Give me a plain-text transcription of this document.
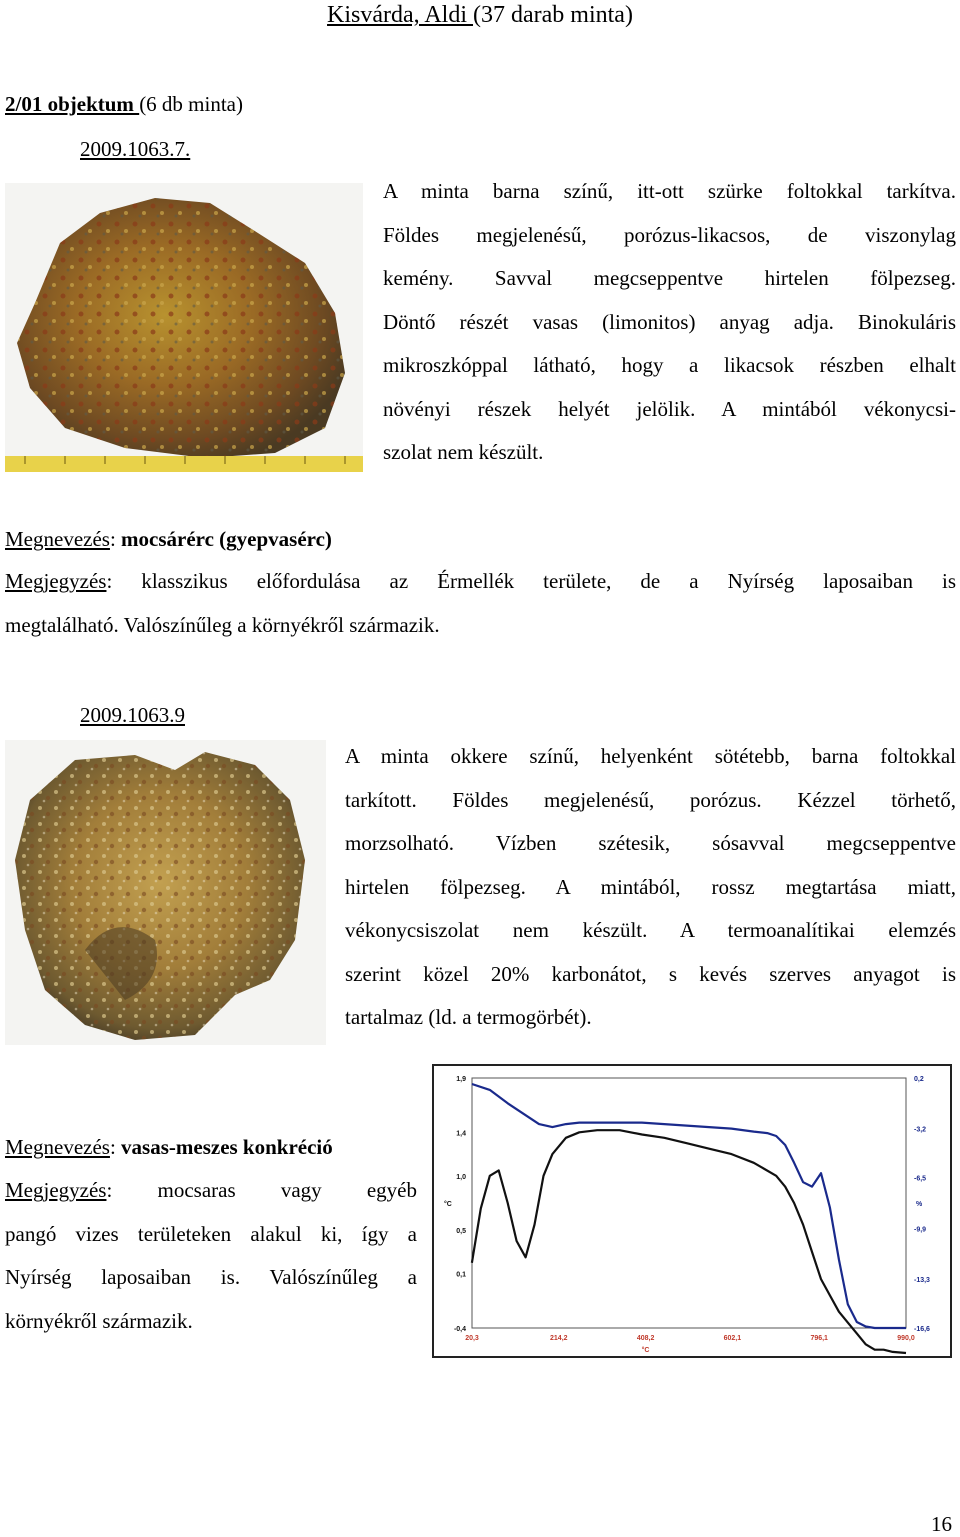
Kisvárda, Aldi (37 darab minta)
2/01 objektum (6 db minta)
2009.1063.7.

A minta barna színű, itt-ott szürke foltokkal tarkítva.

Földes megjelenésű, porózus-likacsos, de viszonylag

kemény. Savval megcseppentve hirtelen fölpezseg.

Döntő részét vasas (limonitos) anyag adja. Binokuláris

mikroszkóppal látható, hogy a likacsok részben elhalt

növényi részek helyét jelölik. A mintából vékonycsi-

szolat nem készült.

Megnevezés: mocsárérc (gyepvasérc)

Megjegyzés: klasszikus előfordulása az Érmellék területe, de a Nyírség laposaiban is

megtalálható. Valószínűleg a környékről származik.

2009.1063.9

A minta okkere színű, helyenként sötétebb, barna foltokkal

tarkított. Földes megjelenésű, porózus. Kézzel törhető,

morzsolható. Vízben szétesik, sósavval megcseppentve

hirtelen fölpezseg. A mintából, rossz megtartása miatt,

vékonycsiszolat nem készült. A termoanalítikai elemzés

szerint közel 20% karbonátot, s kevés szerves anyagot is

tartalmaz (ld. a termogörbét).

Megnevezés: vasas-meszes konkréció

Megjegyzés: mocsaras vagy egyéb

pangó vizes területeken alakul ki, így a

Nyírség laposaiban is. Valószínűleg a

környékről származik.

1,9
1,4
1,0
0,5
0,1
-0,4
°C
0,2
-3,2
-6,5
-9,9
-13,3
-16,6
%
20,3	214,2	408,2	602,1	796,1	990,0
°C
16
